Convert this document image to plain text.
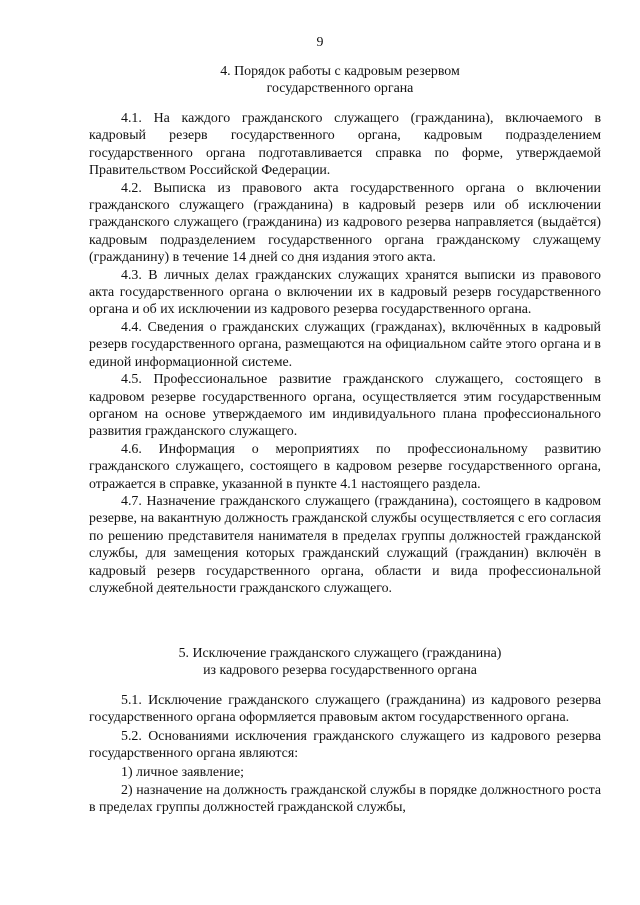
9
4. Порядок работы с кадровым резервом
государственного органа

4.1. На каждого гражданского служащего (гражданина), включаемого в кадровый резерв государственного органа, кадровым подразделением государственного органа подготавливается справка по форме, утверждаемой Правительством Российской Федерации.

4.2. Выписка из правового акта государственного органа о включении гражданского служащего (гражданина) в кадровый резерв или об исключении гражданского служащего (гражданина) из кадрового резерва направляется (выдаётся) кадровым подразделением государственного органа гражданскому служащему (гражданину) в течение 14 дней со дня издания этого акта.

4.3. В личных делах гражданских служащих хранятся выписки из правового акта государственного органа о включении их в кадровый резерв государственного органа и об их исключении из кадрового резерва государственного органа.

4.4. Сведения о гражданских служащих (гражданах), включённых в кадровый резерв государственного органа, размещаются на официальном сайте этого органа и в единой информационной системе.

4.5. Профессиональное развитие гражданского служащего, состоящего в кадровом резерве государственного органа, осуществляется этим государственным органом на основе утверждаемого им индивидуального плана профессионального развития гражданского служащего.

4.6. Информация о мероприятиях по профессиональному развитию гражданского служащего, состоящего в кадровом резерве государственного органа, отражается в справке, указанной в пункте 4.1 настоящего раздела.

4.7. Назначение гражданского служащего (гражданина), состоящего в кадровом резерве, на вакантную должность гражданской службы осуществляется с его согласия по решению представителя нанимателя в пределах группы должностей гражданской службы, для замещения которых гражданский служащий (гражданин) включён в кадровый резерв государственного органа, области и вида профессиональной служебной деятельности гражданского служащего.

5. Исключение гражданского служащего (гражданина)
из кадрового резерва государственного органа

5.1. Исключение гражданского служащего (гражданина) из кадрового резерва государственного органа оформляется правовым актом государственного органа.

5.2. Основаниями исключения гражданского служащего из кадрового резерва государственного органа являются:

1) личное заявление;

2) назначение на должность гражданской службы в порядке должностного роста в пределах группы должностей гражданской службы,
